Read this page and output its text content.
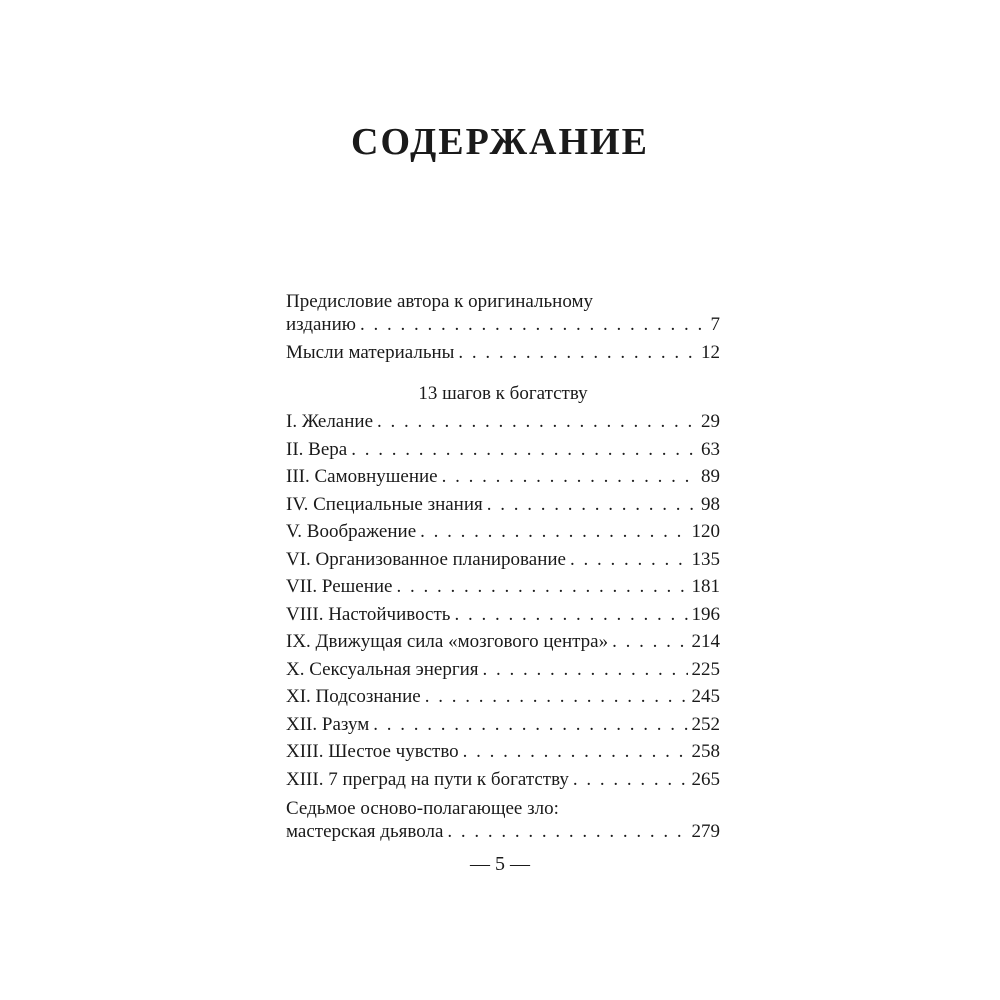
СОДЕРЖАНИЕ
Предисловие автора к оригинальному
изданию . . .	7
Мысли материальны . . .	12
13 шагов к богатству
I. Желание . . .	29
II. Вера . . .	63
III. Самовнушение . . .	89
IV. Специальные знания . . .	98
V. Воображение . . .	120
VI. Организованное планирование . . .	135
VII. Решение . . .	181
VIII. Настойчивость . . .	196
IX. Движущая сила «мозгового центра» . . .	214
X. Сексуальная энергия . . .	225
XI. Подсознание . . .	245
XII. Разум . . .	252
XIII. Шестое чувство . . .	258
XIII. 7 преград на пути к богатству . . .	265
Седьмое осново-полагающее зло:
мастерская дьявола . . .	279
— 5 —
